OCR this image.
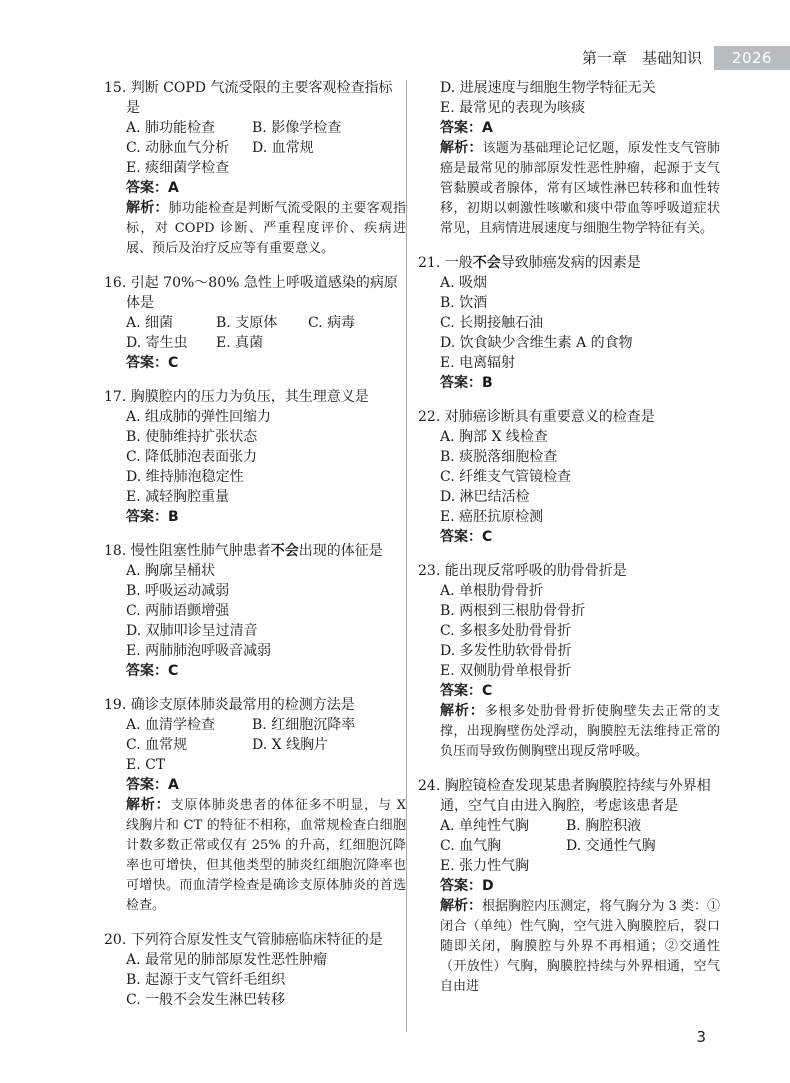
第一章　基础知识	2026
15. 判断 COPD 气流受限的主要客观检查指标是
A. 肺功能检查	B. 影像学检查
C. 动脉血气分析	D. 血常规
E. 痰细菌学检查
答案：A
解析：肺功能检查是判断气流受限的主要客观指标，对 COPD 诊断、严重程度评价、疾病进展、预后及治疗反应等有重要意义。
16. 引起 70%～80% 急性上呼吸道感染的病原体是
A. 细菌	B. 支原体	C. 病毒
D. 寄生虫	E. 真菌
答案：C
17. 胸膜腔内的压力为负压，其生理意义是
A. 组成肺的弹性回缩力
B. 使肺维持扩张状态
C. 降低肺泡表面张力
D. 维持肺泡稳定性
E. 减轻胸腔重量
答案：B
18. 慢性阻塞性肺气肿患者不会出现的体征是
A. 胸廓呈桶状
B. 呼吸运动减弱
C. 两肺语颤增强
D. 双肺叩诊呈过清音
E. 两肺肺泡呼吸音减弱
答案：C
19. 确诊支原体肺炎最常用的检测方法是
A. 血清学检查	B. 红细胞沉降率
C. 血常规	D. X 线胸片
E. CT
答案：A
解析：支原体肺炎患者的体征多不明显，与 X 线胸片和 CT 的特征不相称，血常规检查白细胞计数多数正常或仅有 25% 的升高，红细胞沉降率也可增快，但其他类型的肺炎红细胞沉降率也可增快。而血清学检查是确诊支原体肺炎的首选检查。
20. 下列符合原发性支气管肺癌临床特征的是
A. 最常见的肺部原发性恶性肿瘤
B. 起源于支气管纤毛组织
C. 一般不会发生淋巴转移
D. 进展速度与细胞生物学特征无关
E. 最常见的表现为咳痰
答案：A
解析：该题为基础理论记忆题，原发性支气管肺癌是最常见的肺部原发性恶性肿瘤，起源于支气管黏膜或者腺体，常有区域性淋巴转移和血性转移，初期以刺激性咳嗽和痰中带血等呼吸道症状常见，且病情进展速度与细胞生物学特征有关。
21. 一般不会导致肺癌发病的因素是
A. 吸烟
B. 饮酒
C. 长期接触石油
D. 饮食缺少含维生素 A 的食物
E. 电离辐射
答案：B
22. 对肺癌诊断具有重要意义的检查是
A. 胸部 X 线检查
B. 痰脱落细胞检查
C. 纤维支气管镜检查
D. 淋巴结活检
E. 癌胚抗原检测
答案：C
23. 能出现反常呼吸的肋骨骨折是
A. 单根肋骨骨折
B. 两根到三根肋骨骨折
C. 多根多处肋骨骨折
D. 多发性肋软骨骨折
E. 双侧肋骨单根骨折
答案：C
解析：多根多处肋骨骨折使胸壁失去正常的支撑，出现胸壁伤处浮动，胸膜腔无法维持正常的负压而导致伤侧胸壁出现反常呼吸。
24. 胸腔镜检查发现某患者胸膜腔持续与外界相通，空气自由进入胸腔，考虑该患者是
A. 单纯性气胸	B. 胸腔积液
C. 血气胸	D. 交通性气胸
E. 张力性气胸
答案：D
解析：根据胸腔内压测定，将气胸分为 3 类：①闭合（单纯）性气胸，空气进入胸膜腔后，裂口随即关闭，胸膜腔与外界不再相通；②交通性（开放性）气胸，胸膜腔持续与外界相通，空气自由进
3
